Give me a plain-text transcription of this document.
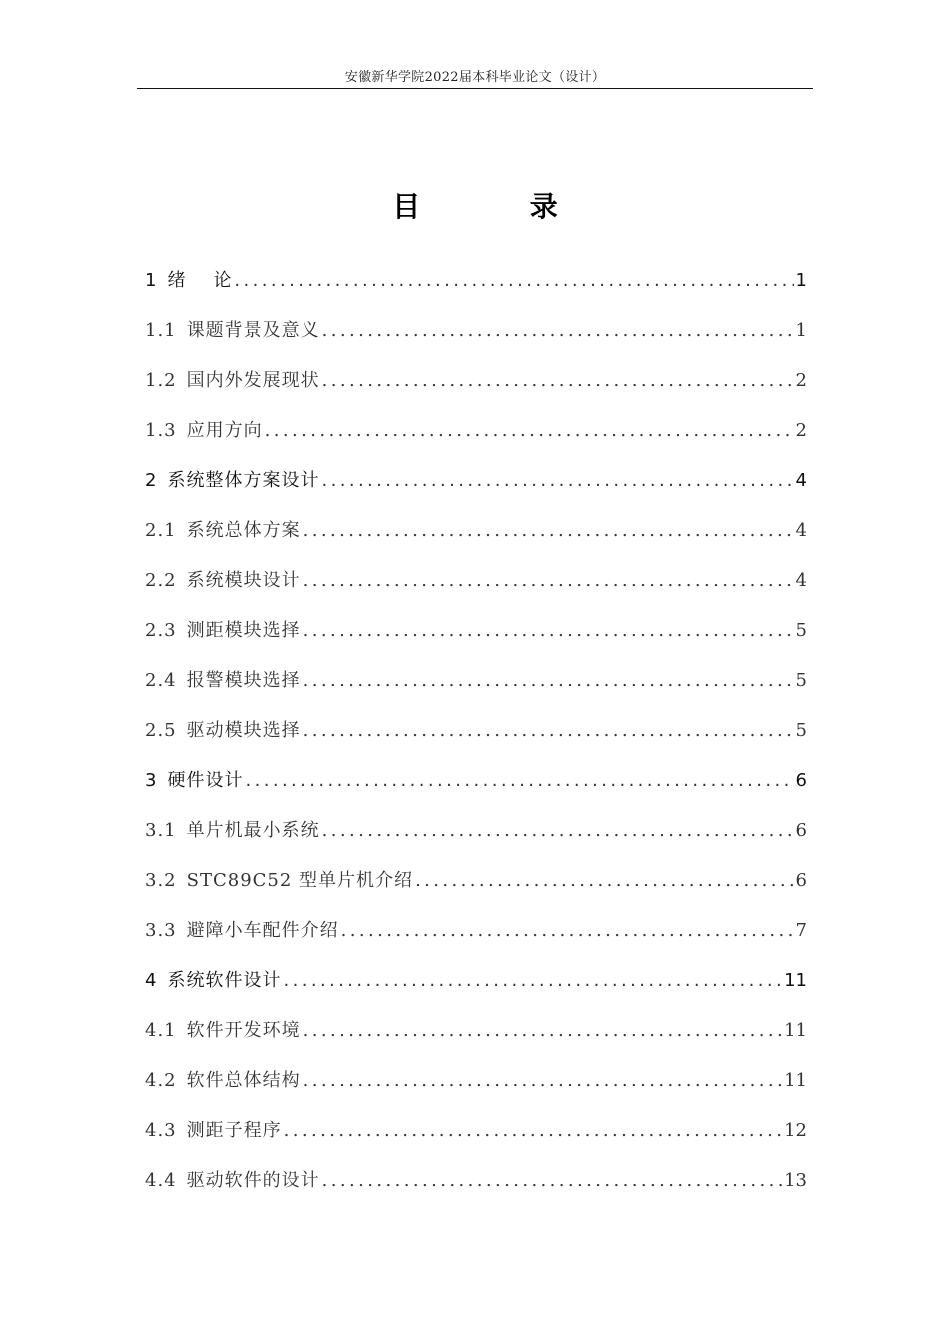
安徽新华学院2022届本科毕业论文（设计）
目  录
1 绪    论 .....	1
1.1 课题背景及意义 .....	1
1.2 国内外发展现状 .....	2
1.3 应用方向 .....	2
2 系统整体方案设计 .....	4
2.1 系统总体方案 .....	4
2.2 系统模块设计 .....	4
2.3 测距模块选择 .....	5
2.4 报警模块选择 .....	5
2.5 驱动模块选择 .....	5
3 硬件设计 .....	6
3.1 单片机最小系统 .....	6
3.2 STC89C52 型单片机介绍 .....	6
3.3 避障小车配件介绍 .....	7
4 系统软件设计 .....	11
4.1 软件开发环境 .....	11
4.2 软件总体结构 .....	11
4.3 测距子程序 .....	12
4.4 驱动软件的设计 .....	13
